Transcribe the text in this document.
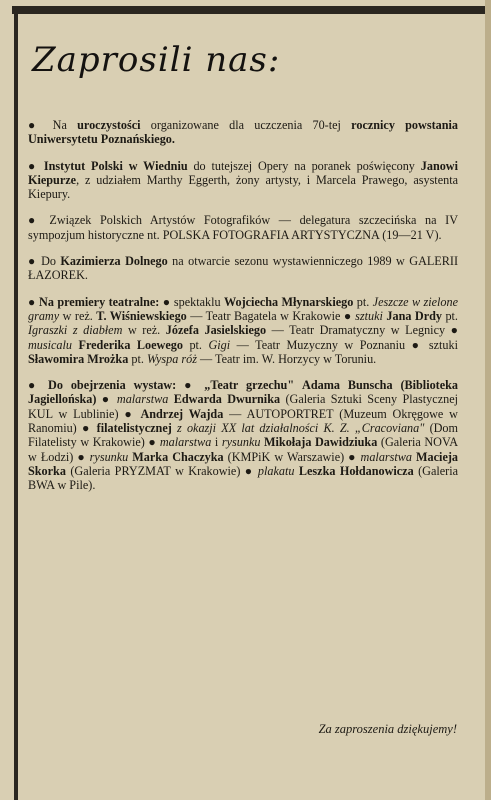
Zaprosili nas:

● Na uroczystości organizowane dla uczczenia 70-tej rocznicy powstania Uniwersytetu Poznańskiego.

● Instytut Polski w Wiedniu do tutejszej Opery na poranek poświęcony Janowi Kiepurze, z udziałem Marthy Eggerth, żony artysty, i Marcela Prawego, asystenta Kiepury.

● Związek Polskich Artystów Fotografików — delegatura szczecińska na IV sympozjum historyczne nt. POLSKA FOTOGRAFIA ARTYSTYCZNA (19—21 V).

● Do Kazimierza Dolnego na otwarcie sezonu wystawienniczego 1989 w GALERII ŁAZOREK.

● Na premiery teatralne: ● spektaklu Wojciecha Młynarskiego pt. Jeszcze w zielone gramy w reż. T. Wiśniewskiego — Teatr Bagatela w Krakowie ● sztuki Jana Drdy pt. Igraszki z diabłem w reż. Józefa Jasielskiego — Teatr Dramatyczny w Legnicy ● musicalu Frederika Loewego pt. Gigi — Teatr Muzyczny w Poznaniu ● sztuki Sławomira Mrożka pt. Wyspa róż — Teatr im. W. Horzycy w Toruniu.

● Do obejrzenia wystaw: ● „Teatr grzechu" Adama Bunscha (Biblioteka Jagiellońska) ● malarstwa Edwarda Dwurnika (Galeria Sztuki Sceny Plastycznej KUL w Lublinie) ● Andrzej Wajda — AUTOPORTRET (Muzeum Okręgowe w Ranomiu) ● filatelistycznej z okazji XX lat działalności K. Z. „Cracoviana" (Dom Filatelisty w Krakowie) ● malarstwa i rysunku Mikołaja Dawidziuka (Galeria NOVA w Łodzi) ● rysunku Marka Chaczyka (KMPiK w Warszawie) ● malarstwa Macieja Skorka (Galeria PRYZMAT w Krakowie) ● plakatu Leszka Hołdanowicza (Galeria BWA w Pile).

Za zaproszenia dziękujemy!
